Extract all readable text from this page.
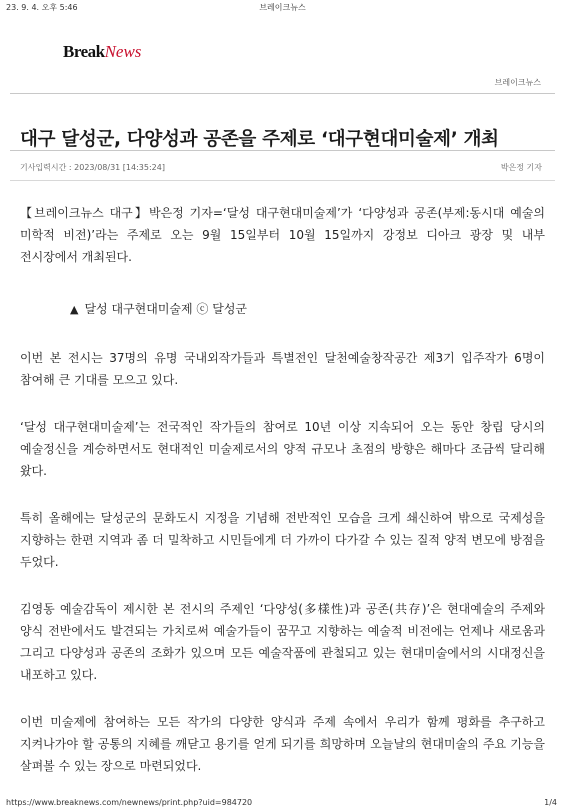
23. 9. 4. 오후 5:46	브레이크뉴스
BreakNews
브레이크뉴스
대구 달성군, 다양성과 공존을 주제로 ‘대구현대미술제’ 개최
기사입력시간 : 2023/08/31 [14:35:24]	박은정 기자

【브레이크뉴스 대구】박은정 기자=‘달성 대구현대미술제’가 ‘다양성과 공존(부제:동시대 예술의 미학적 비전)’라는 주제로 오는 9월 15일부터 10월 15일까지 강정보 디아크 광장 및 내부 전시장에서 개최된다.

▲ 달성 대구현대미술제 ⓒ 달성군

이번 본 전시는 37명의 유명 국내외작가들과 특별전인 달천예술창작공간 제3기 입주작가 6명이 참여해 큰 기대를 모으고 있다.

‘달성 대구현대미술제’는 전국적인 작가들의 참여로 10년 이상 지속되어 오는 동안 창립 당시의 예술정신을 계승하면서도 현대적인 미술제로서의 양적 규모나 초점의 방향은 해마다 조금씩 달리해 왔다.

특히 올해에는 달성군의 문화도시 지정을 기념해 전반적인 모습을 크게 쇄신하여 밖으로 국제성을 지향하는 한편 지역과 좀 더 밀착하고 시민들에게 더 가까이 다가갈 수 있는 질적 양적 변모에 방점을 두었다.

김영동 예술감독이 제시한 본 전시의 주제인 ‘다양성(多樣性)과 공존(共存)’은 현대예술의 주제와 양식 전반에서도 발견되는 가치로써 예술가들이 꿈꾸고 지향하는 예술적 비전에는 언제나 새로움과 그리고 다양성과 공존의 조화가 있으며 모든 예술작품에 관철되고 있는 현대미술에서의 시대정신을 내포하고 있다.

이번 미술제에 참여하는 모든 작가의 다양한 양식과 주제 속에서 우리가 함께 평화를 추구하고 지켜나가야 할 공통의 지혜를 깨닫고 용기를 얻게 되기를 희망하며 오늘날의 현대미술의 주요 기능을 살펴볼 수 있는 장으로 마련되었다.

https://www.breaknews.com/newnews/print.php?uid=984720	1/4
